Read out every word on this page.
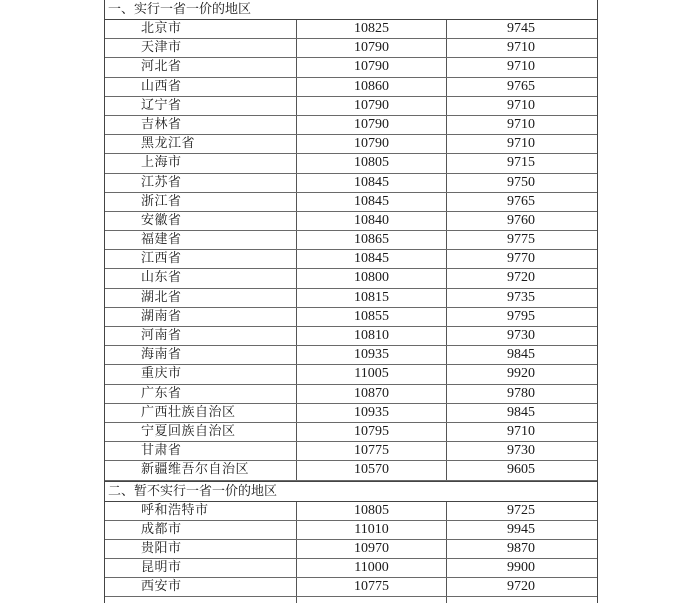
一、实行一省一价的地区
北京市	10825	9745
天津市	10790	9710
河北省	10790	9710
山西省	10860	9765
辽宁省	10790	9710
吉林省	10790	9710
黑龙江省	10790	9710
上海市	10805	9715
江苏省	10845	9750
浙江省	10845	9765
安徽省	10840	9760
福建省	10865	9775
江西省	10845	9770
山东省	10800	9720
湖北省	10815	9735
湖南省	10855	9795
河南省	10810	9730
海南省	10935	9845
重庆市	11005	9920
广东省	10870	9780
广西壮族自治区	10935	9845
宁夏回族自治区	10795	9710
甘肃省	10775	9730
新疆维吾尔自治区	10570	9605
二、暂不实行一省一价的地区
呼和浩特市	10805	9725
成都市	11010	9945
贵阳市	10970	9870
昆明市	11000	9900
西安市	10775	9720
